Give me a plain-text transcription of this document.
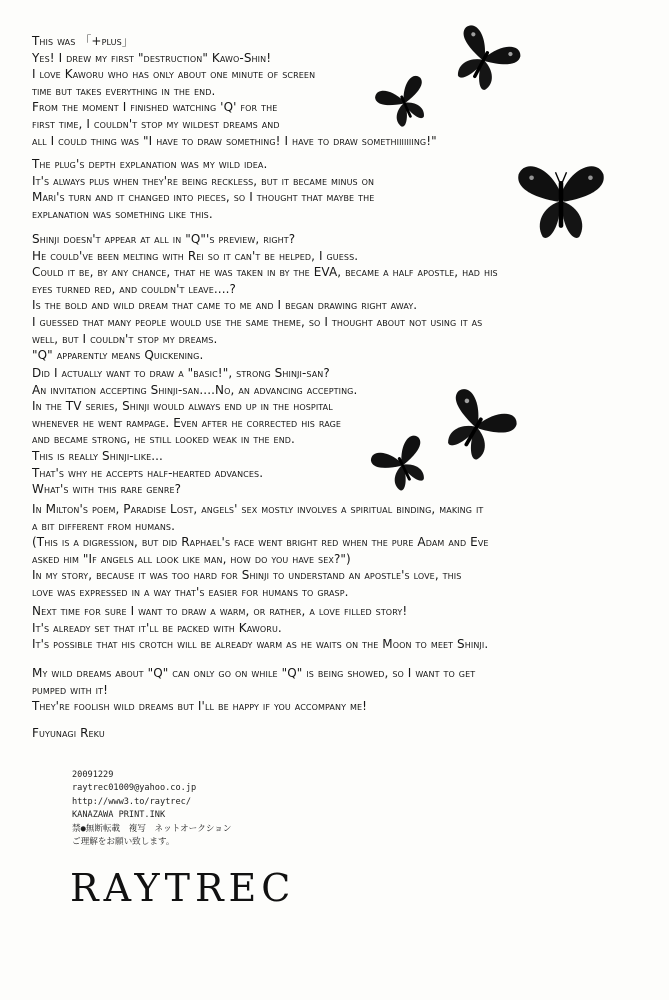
This was 「+plus」
Yes! I drew my first "destruction" Kawo-Shin!
I love Kaworu who has only about one minute of screen
time but takes everything in the end.
From the moment I finished watching 'Q' for the
first time, I couldn't stop my wildest dreams and
all I could thing was "I have to draw something! I have to draw somethiiiiiiing!"
The plug's depth explanation was my wild idea.
It's always plus when they're being reckless, but it became minus on
Mari's turn and it changed into pieces, so I thought that maybe the
explanation was something like this.
Shinji doesn't appear at all in "Q"'s preview, right?
He could've been melting with Rei so it can't be helped, I guess.
Could it be, by any chance, that he was taken in by the EVA, became a half apostle, had his
eyes turned red, and couldn't leave....?
Is the bold and wild dream that came to me and I began drawing right away.
I guessed that many people would use the same theme, so I thought about not using it as
well, but I couldn't stop my dreams.
"Q" apparently means Quickening.
Did I actually want to draw a "basic!", strong Shinji-san?
An invitation accepting Shinji-san....No, an advancing accepting.
In the TV series, Shinji would always end up in the hospital
whenever he went rampage. Even after he corrected his rage
and became strong, he still looked weak in the end.
This is really Shinji-like...
That's why he accepts half-hearted advances.
What's with this rare genre?
In Milton's poem, Paradise Lost, angels' sex mostly involves a spiritual binding, making it
a bit different from humans.
(This is a digression, but did Raphael's face went bright red when the pure Adam and Eve
asked him "If angels all look like man, how do you have sex?")
In my story, because it was too hard for Shinji to understand an apostle's love, this
love was expressed in a way that's easier for humans to grasp.
Next time for sure I want to draw a warm, or rather, a love filled story!
It's already set that it'll be packed with Kaworu.
It's possible that his crotch will be already warm as he waits on the Moon to meet Shinji.
My wild dreams about "Q" can only go on while "Q" is being showed, so I want to get
pumped with it!
They're foolish wild dreams but I'll be happy if you accompany me!
Fuyunagi Reku
20091229
raytrec01009@yahoo.co.jp
http://www3.to/raytrec/
KANAZAWA PRINT.INK
禁●無断転載　複写　ネットオークション
ご理解をお願い致します。
RAYTREC
